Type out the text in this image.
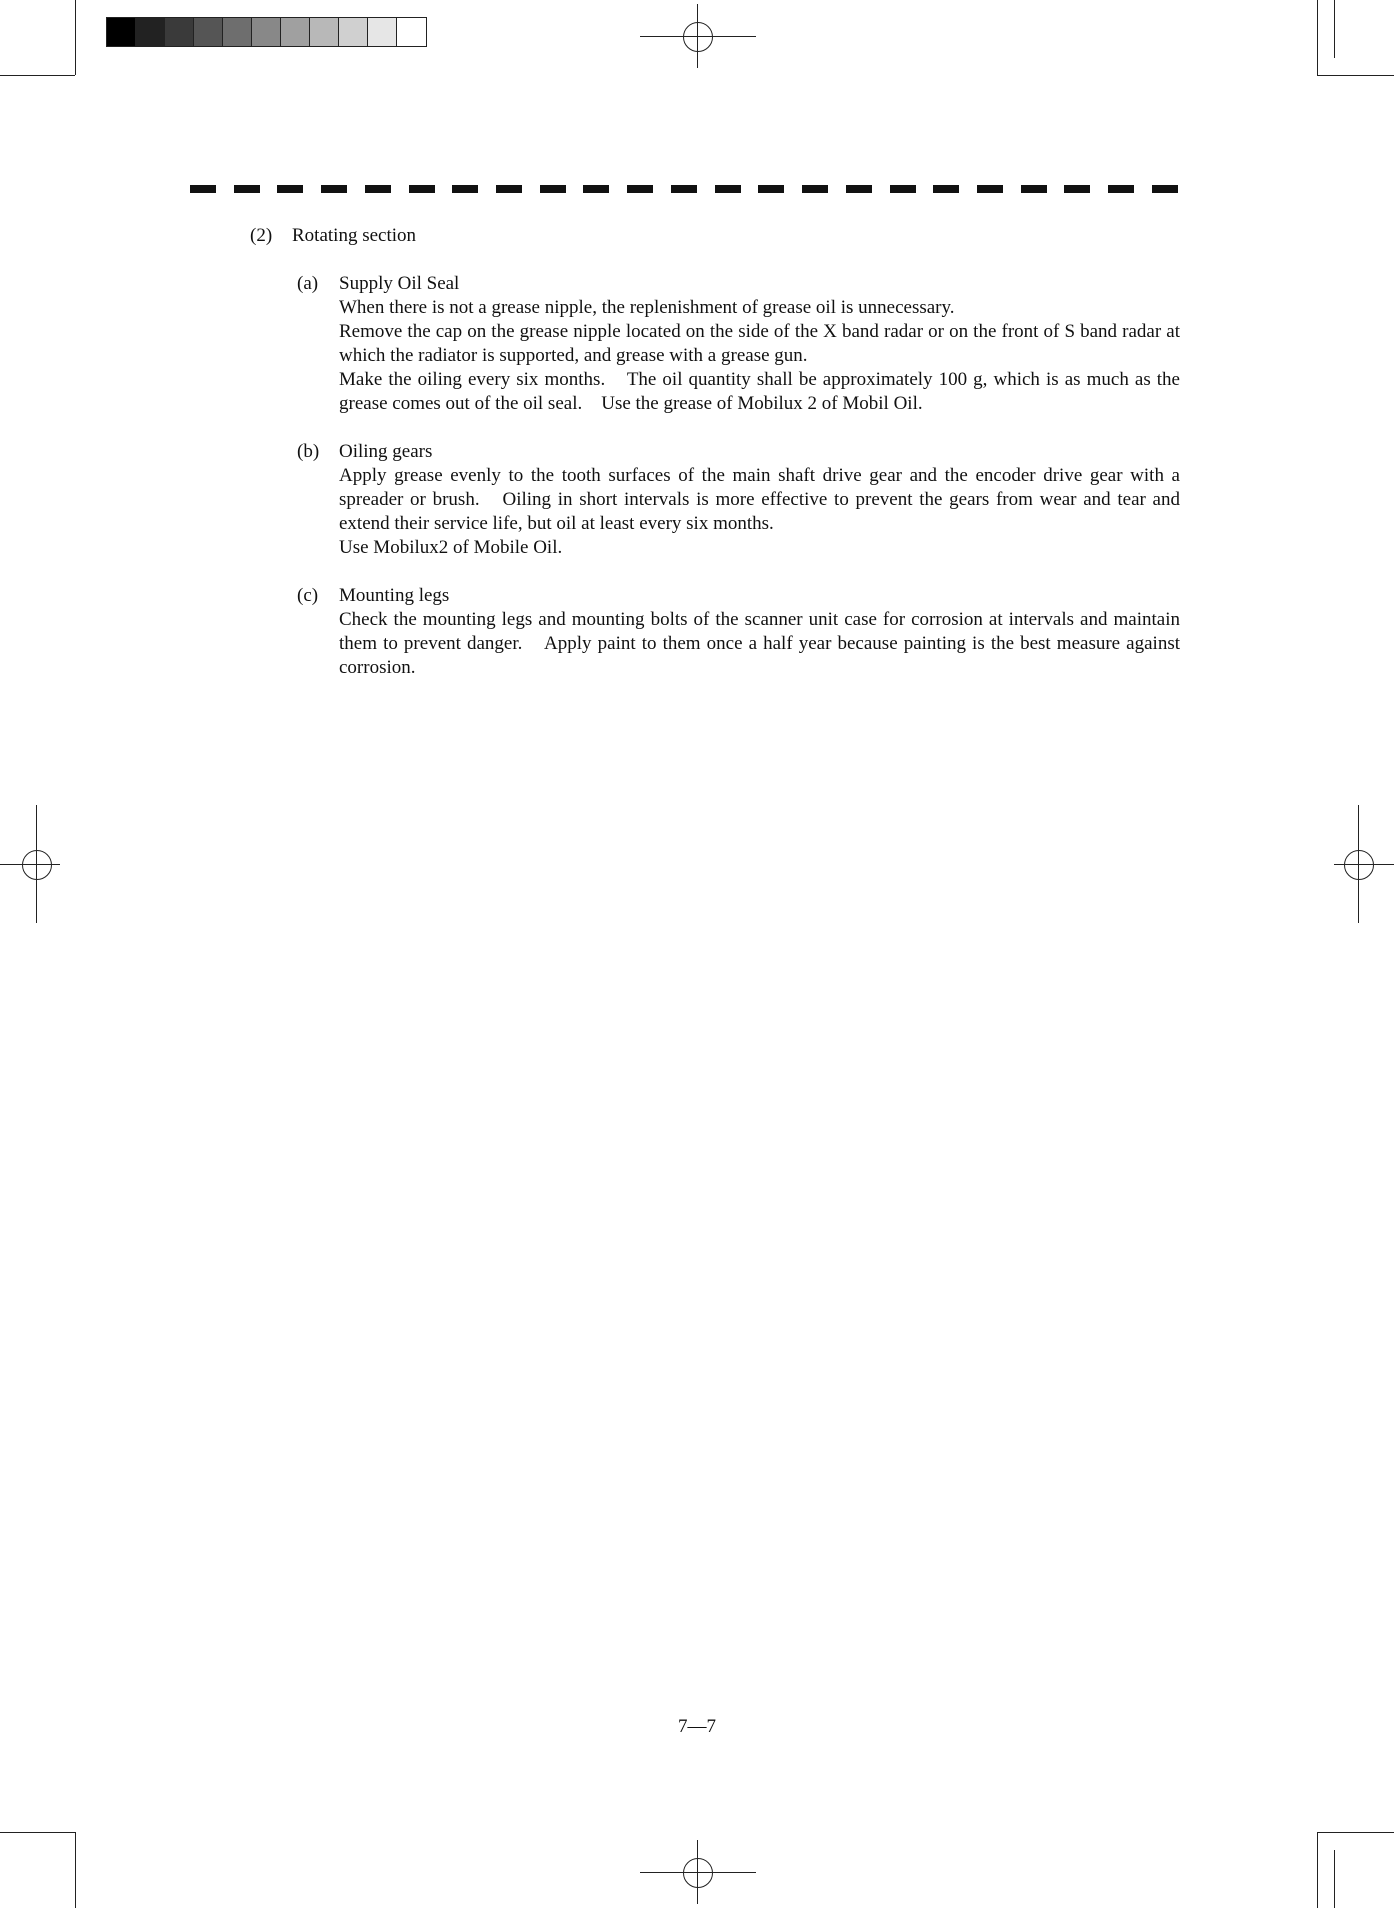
(2) Rotating section
(a) Supply Oil Seal

When there is not a grease nipple, the replenishment of grease oil is unnecessary.

Remove the cap on the grease nipple located on the side of the X band radar or on the front of S band radar at which the radiator is supported, and grease with a grease gun.

Make the oiling every six months.　The oil quantity shall be approximately 100 g, which is as much as the grease comes out of the oil seal.　Use the grease of Mobilux 2 of Mobil Oil.

(b) Oiling gears

Apply grease evenly to the tooth surfaces of the main shaft drive gear and the encoder drive gear with a spreader or brush.　Oiling in short intervals is more effective to prevent the gears from wear and tear and extend their service life, but oil at least every six months.

Use Mobilux2 of Mobile Oil.

(c) Mounting legs

Check the mounting legs and mounting bolts of the scanner unit case for corrosion at intervals and maintain them to prevent danger.　Apply paint to them once a half year because painting is the best measure against corrosion.

7—7
